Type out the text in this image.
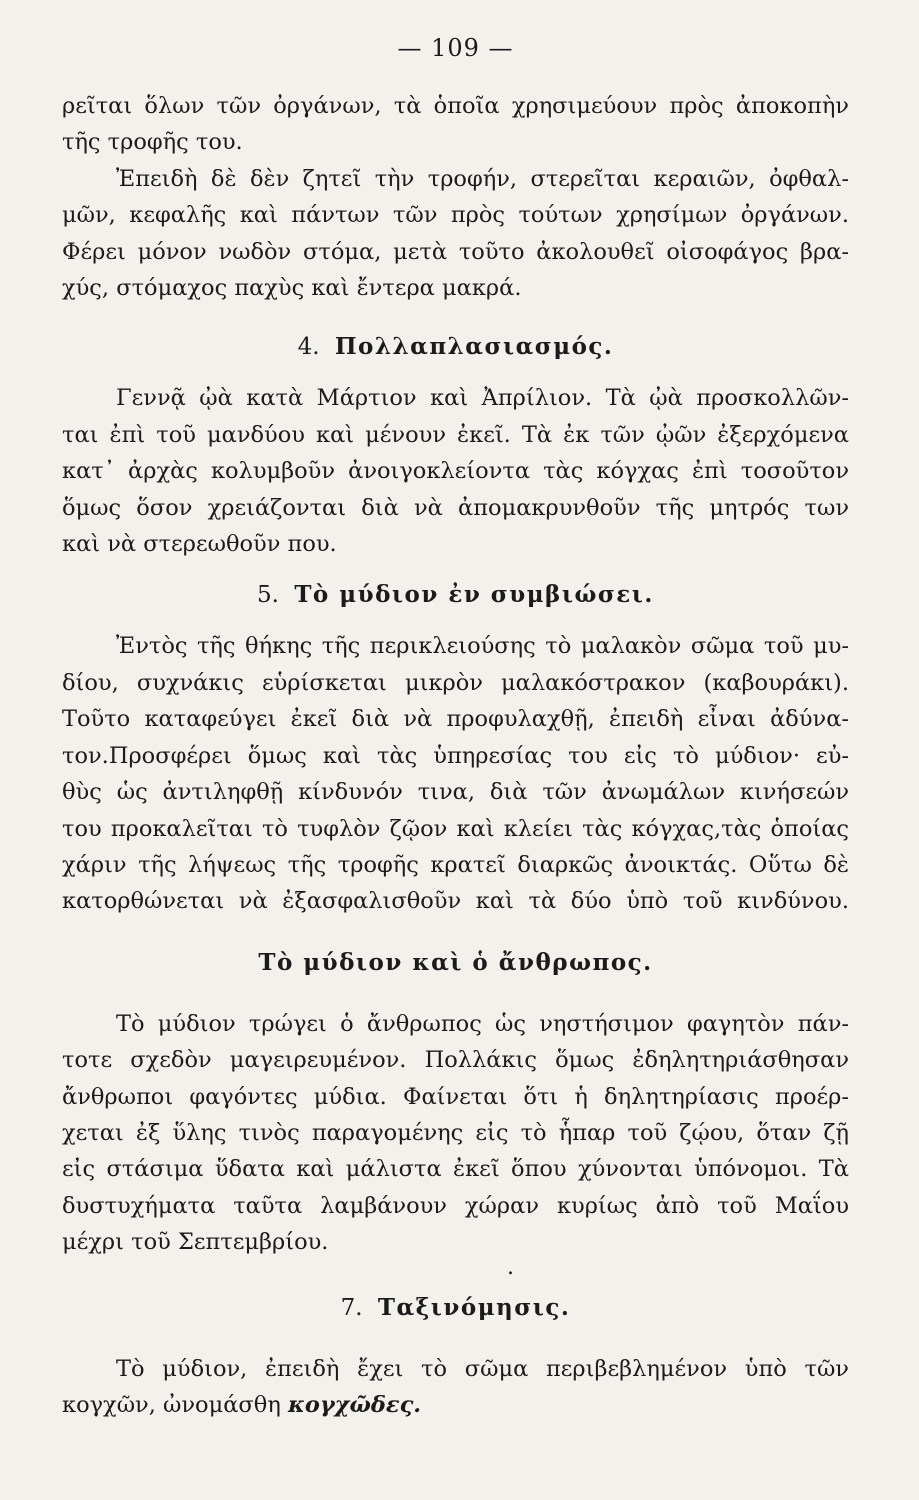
— 109 —
ρεῖται ὅλων τῶν ὀργάνων, τὰ ὁποῖα χρησιμεύουν πρὸς ἀποκοπὴν
τῆς τροφῆς του.
Ἐπειδὴ δὲ δὲν ζητεῖ τὴν τροφήν, στερεῖται κεραιῶν, ὀφθαλ-
μῶν, κεφαλῆς καὶ πάντων τῶν πρὸς τούτων χρησίμων ὀργάνων.
Φέρει μόνον νωδὸν στόμα, μετὰ τοῦτο ἀκολουθεῖ οἰσοφάγος βρα-
χύς, στόμαχος παχὺς καὶ ἔντερα μακρά.
4. Πολλαπλασιασμός.
Γεννᾷ ᾠὰ κατὰ Μάρτιον καὶ Ἀπρίλιον. Τὰ ᾠὰ προσκολλῶν-
ται ἐπὶ τοῦ μανδύου καὶ μένουν ἐκεῖ. Τὰ ἐκ τῶν ᾠῶν ἐξερχόμενα
κατ᾽ ἀρχὰς κολυμβοῦν ἀνοιγοκλείοντα τὰς κόγχας ἐπὶ τοσοῦτον
ὅμως ὅσον χρειάζονται διὰ νὰ ἀπομακρυνθοῦν τῆς μητρός των
καὶ νὰ στερεωθοῦν που.
5. Τὸ μύδιον ἐν συμβιώσει.
Ἐντὸς τῆς θήκης τῆς περικλειούσης τὸ μαλακὸν σῶμα τοῦ μυ-
δίου, συχνάκις εὑρίσκεται μικρὸν μαλακόστρακον (καβουράκι).
Τοῦτο καταφεύγει ἐκεῖ διὰ νὰ προφυλαχθῇ, ἐπειδὴ εἶναι ἀδύνα-
τον.Προσφέρει ὅμως καὶ τὰς ὑπηρεσίας του εἰς τὸ μύδιον· εὐ-
θὺς ὡς ἀντιληφθῇ κίνδυνόν τινα, διὰ τῶν ἀνωμάλων κινήσεών
του προκαλεῖται τὸ τυφλὸν ζῷον καὶ κλείει τὰς κόγχας,τὰς ὁποίας
χάριν τῆς λήψεως τῆς τροφῆς κρατεῖ διαρκῶς ἀνοικτάς. Οὕτω δὲ
κατορθώνεται νὰ ἐξασφαλισθοῦν καὶ τὰ δύο ὑπὸ τοῦ κινδύνου.
Τὸ μύδιον καὶ ὁ ἄνθρωπος.
Τὸ μύδιον τρώγει ὁ ἄνθρωπος ὡς νηστήσιμον φαγητὸν πάν-
τοτε σχεδὸν μαγειρευμένον. Πολλάκις ὅμως ἐδηλητηριάσθησαν
ἄνθρωποι φαγόντες μύδια. Φαίνεται ὅτι ἡ δηλητηρίασις προέρ-
χεται ἐξ ὕλης τινὸς παραγομένης εἰς τὸ ἧπαρ τοῦ ζῴου, ὅταν ζῇ
εἰς στάσιμα ὕδατα καὶ μάλιστα ἐκεῖ ὅπου χύνονται ὑπόνομοι. Τὰ
δυστυχήματα ταῦτα λαμβάνουν χώραν κυρίως ἀπὸ τοῦ Μαΐου
μέχρι τοῦ Σεπτεμβρίου.
.
7. Ταξινόμησις.
Τὸ μύδιον, ἐπειδὴ ἔχει τὸ σῶμα περιβεβλημένον ὑπὸ τῶν
κογχῶν, ὠνομάσθη κογχῶδες.
